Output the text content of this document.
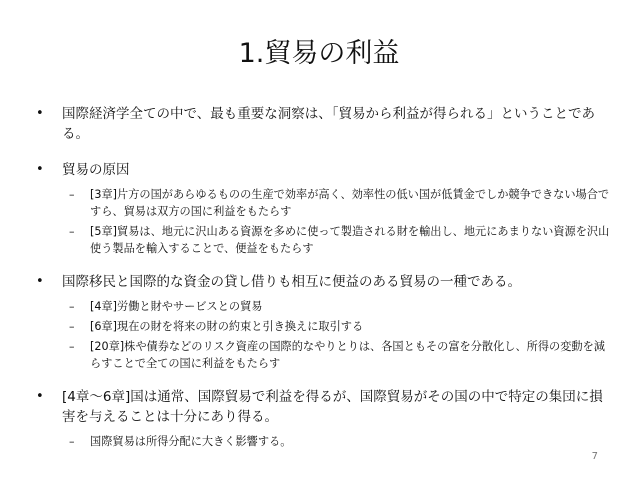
1.貿易の利益

•	国際経済学全ての中で、最も重要な洞察は、「貿易から利益が得られる」ということである。

•	貿易の原因

– [3章]片方の国があらゆるものの生産で効率が高く、効率性の低い国が低賃金でしか競争できない場合ですら、貿易は双方の国に利益をもたらす

– [5章]貿易は、地元に沢山ある資源を多めに使って製造される財を輸出し、地元にあまりない資源を沢山使う製品を輸入することで、便益をもたらす

•	国際移民と国際的な資金の貸し借りも相互に便益のある貿易の一種である。

– [4章]労働と財やサービスとの貿易

– [6章]現在の財を将来の財の約束と引き換えに取引する

– [20章]株や債券などのリスク資産の国際的なやりとりは、各国ともその富を分散化し、所得の変動を減らすことで全ての国に利益をもたらす

•	[4章～6章]国は通常、国際貿易で利益を得るが、国際貿易がその国の中で特定の集団に損害を与えることは十分にあり得る。

– 国際貿易は所得分配に大きく影響する。

7
